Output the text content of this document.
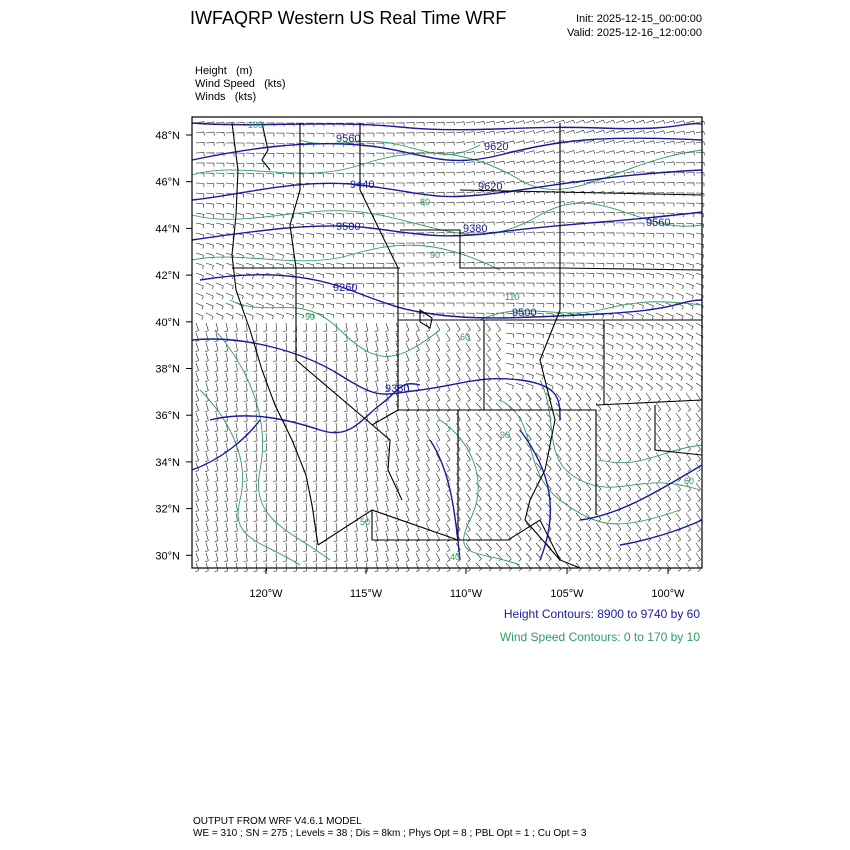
IWFAQRP Western US Real Time WRF	Init: 2025-12-15_00:00:00
Valid: 2025-12-16_12:00:00
Height (m)
Wind Speed (kts)
Winds (kts)
9560
9620
9440	9620
9500	9380	9560
9260
9500
9380
100
80
90
110
60
90
90
50
40
60
48°N
46°N
44°N
42°N
40°N
38°N
36°N
34°N
32°N
30°N
120°W	115°W	110°W	105°W	100°W
Height Contours: 8900 to 9740 by 60
Wind Speed Contours: 0 to 170 by 10
OUTPUT FROM WRF V4.6.1 MODEL
WE = 310 ; SN = 275 ; Levels = 38 ; Dis = 8km ; Phys Opt = 8 ; PBL Opt = 1 ; Cu Opt = 3
